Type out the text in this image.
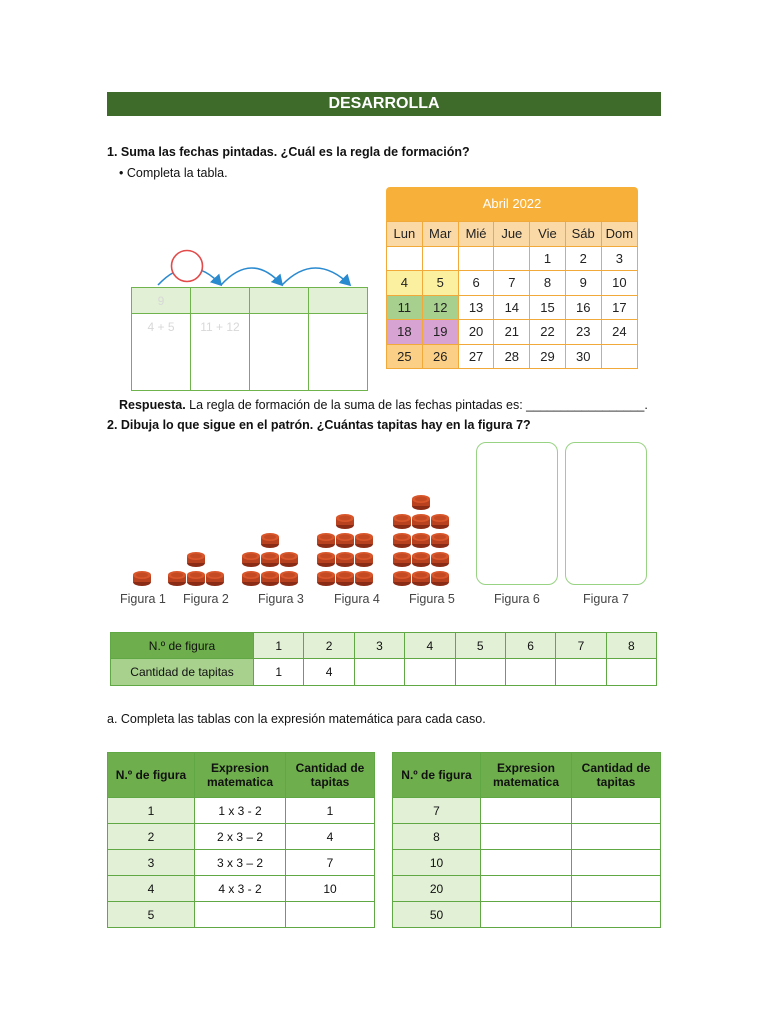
DESARROLLA
1. Suma las fechas pintadas. ¿Cuál es la regla de formación?
• Completa la tabla.
9			
4 + 5	11 + 12		
Abril 2022
Lun	Mar	Mié	Jue	Vie	Sáb	Dom
				1	2	3
4	5	6	7	8	9	10
11	12	13	14	15	16	17
18	19	20	21	22	23	24
25	26	27	28	29	30	
Respuesta. La regla de formación de la suma de las fechas pintadas es: _________________.
2. Dibuja lo que sigue en el patrón. ¿Cuántas tapitas hay en la figura 7?
Figura 1 Figura 2 Figura 3 Figura 4 Figura 5	Figura 6	Figura 7
N.º de figura	1	2	3	4	5	6	7	8
Cantidad de tapitas	1	4						
a. Completa las tablas con la expresión matemática para cada caso.
N.º de figura	Expresion matematica	Cantidad de tapitas
1	1 x 3 - 2	1
2	2 x 3 – 2	4
3	3 x 3 – 2	7
4	4 x 3 - 2	10
5		
N.º de figura	Expresion matematica	Cantidad de tapitas
7		
8		
10		
20		
50		
